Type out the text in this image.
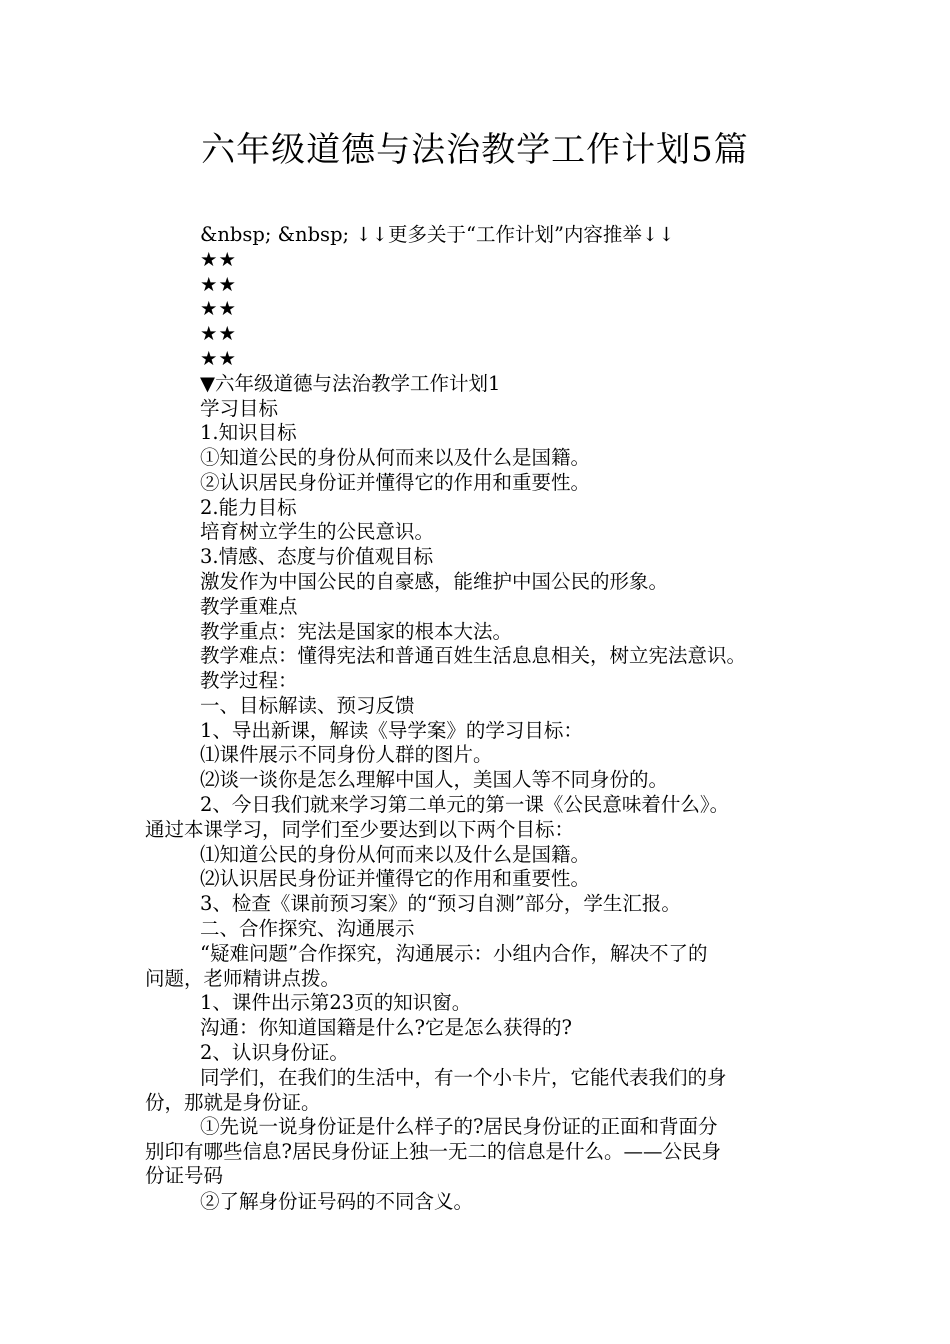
六年级道德与法治教学工作计划5篇
&nbsp; &nbsp; ↓↓更多关于“工作计划”内容推举↓↓
★★
★★
★★
★★
★★
▼六年级道德与法治教学工作计划1
学习目标
1.知识目标
①知道公民的身份从何而来以及什么是国籍。
②认识居民身份证并懂得它的作用和重要性。
2.能力目标
培育树立学生的公民意识。
3.情感、态度与价值观目标
激发作为中国公民的自豪感，能维护中国公民的形象。
教学重难点
教学重点：宪法是国家的根本大法。
教学难点：懂得宪法和普通百姓生活息息相关，树立宪法意识。
教学过程：
一、目标解读、预习反馈
1、导出新课，解读《导学案》的学习目标：
⑴课件展示不同身份人群的图片。
⑵谈一谈你是怎么理解中国人，美国人等不同身份的。
2、今日我们就来学习第二单元的第一课《公民意味着什么》。
通过本课学习，同学们至少要达到以下两个目标：
⑴知道公民的身份从何而来以及什么是国籍。
⑵认识居民身份证并懂得它的作用和重要性。
3、检查《课前预习案》的“预习自测”部分，学生汇报。
二、合作探究、沟通展示
“疑难问题”合作探究，沟通展示：小组内合作，解决不了的
问题，老师精讲点拨。
1、课件出示第23页的知识窗。
沟通：你知道国籍是什么?它是怎么获得的?
2、认识身份证。
同学们，在我们的生活中，有一个小卡片，它能代表我们的身
份，那就是身份证。
①先说一说身份证是什么样子的?居民身份证的正面和背面分
别印有哪些信息?居民身份证上独一无二的信息是什么。——公民身
份证号码
②了解身份证号码的不同含义。
